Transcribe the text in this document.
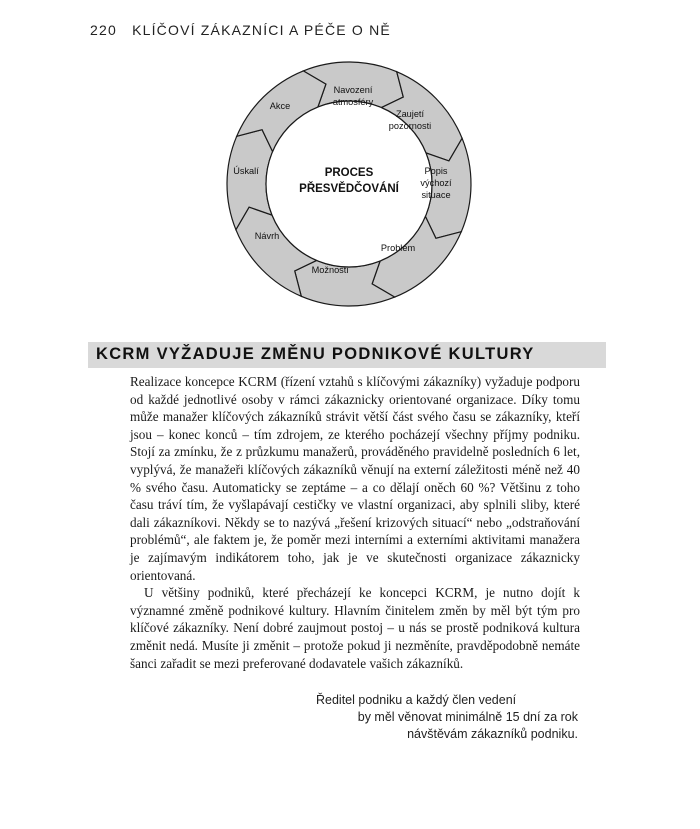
220 KLÍČOVÍ ZÁKAZNÍCI A PÉČE O NĚ
PROCES
PŘESVĚDČOVÁNÍ
Navození
atmosféry
Zaujetí
pozornosti
Popis
výchozí
situace
Problém
Možnosti
Návrh
Úskalí
Akce
KCRM VYŽADUJE ZMĚNU PODNIKOVÉ KULTURY

Realizace koncepce KCRM (řízení vztahů s klíčovými zákazníky) vyžaduje podporu od každé jednotlivé osoby v rámci zákaznicky orientované organizace. Díky tomu může manažer klíčových zákazníků strávit větší část svého času se zákazníky, kteří jsou – konec konců – tím zdrojem, ze kterého pocházejí všechny příjmy podniku. Stojí za zmínku, že z průzkumu manažerů, prováděného pravidelně posledních 6 let, vyplývá, že manažeři klíčových zákazníků věnují na externí záležitosti méně než 40 % svého času. Automaticky se zeptáme – a co dělají oněch 60 %? Většinu z toho času tráví tím, že vyšlapávají cestičky ve vlastní organizaci, aby splnili sliby, které dali zákazníkovi. Někdy se to nazývá „řešení krizových situací“ nebo „odstraňování problémů“, ale faktem je, že poměr mezi interními a externími aktivitami manažera je zajímavým indikátorem toho, jak je ve skutečnosti organizace zákaznicky orientovaná.

U většiny podniků, které přecházejí ke koncepci KCRM, je nutno dojít k významné změně podnikové kultury. Hlavním činitelem změn by měl být tým pro klíčové zákazníky. Není dobré zaujmout postoj – u nás se prostě podniková kultura změnit nedá. Musíte ji změnit – protože pokud ji nezměníte, pravděpodobně nemáte šanci zařadit se mezi preferované dodavatele vašich zákazníků.

Ředitel podniku a každý člen vedení
by měl věnovat minimálně 15 dní za rok
návštěvám zákazníků podniku.
